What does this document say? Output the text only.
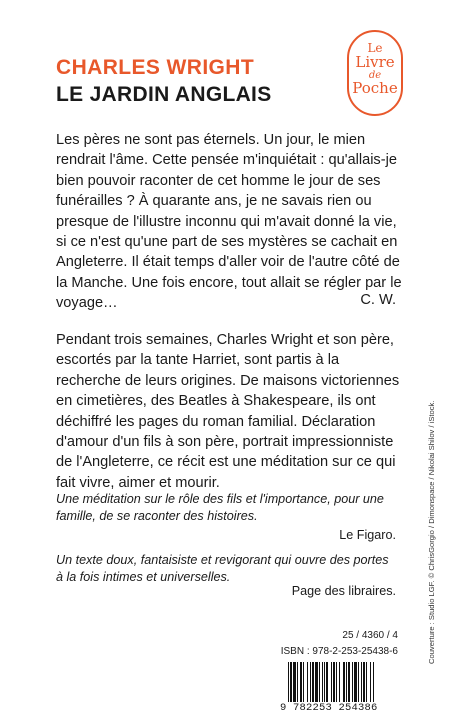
CHARLES WRIGHT
LE JARDIN ANGLAIS
Le
Livre
de
Poche

Les pères ne sont pas éternels. Un jour, le mien rendrait l'âme. Cette pensée m'inquiétait : qu'allais-je bien pouvoir raconter de cet homme le jour de ses funérailles ? À quarante ans, je ne savais rien ou presque de l'illustre inconnu qui m'avait donné la vie, si ce n'est qu'une part de ses mystères se cachait en Angleterre. Il était temps d'aller voir de l'autre côté de la Manche. Une fois encore, tout allait se régler par le voyage…	C. W.

Pendant trois semaines, Charles Wright et son père, escortés par la tante Harriet, sont partis à la recherche de leurs origines. De maisons victoriennes en cimetières, des Beatles à Shakespeare, ils ont déchiffré les pages du roman familial. Déclaration d'amour d'un fils à son père, portrait impressionniste de l'Angleterre, ce récit est une méditation sur ce qui fait vivre, aimer et mourir.

Une méditation sur le rôle des fils et l'importance, pour une famille, de se raconter des histoires.

Le Figaro.

Un texte doux, fantaisiste et revigorant qui ouvre des portes à la fois intimes et universelles.

Page des libraires.
25 / 4360 / 4
ISBN : 978-2-253-25438-6
9 782253 254386
Couverture : Studio LGF. © ChrisGorgio / Dimonspace / Nikolai Shilov / iStock.
